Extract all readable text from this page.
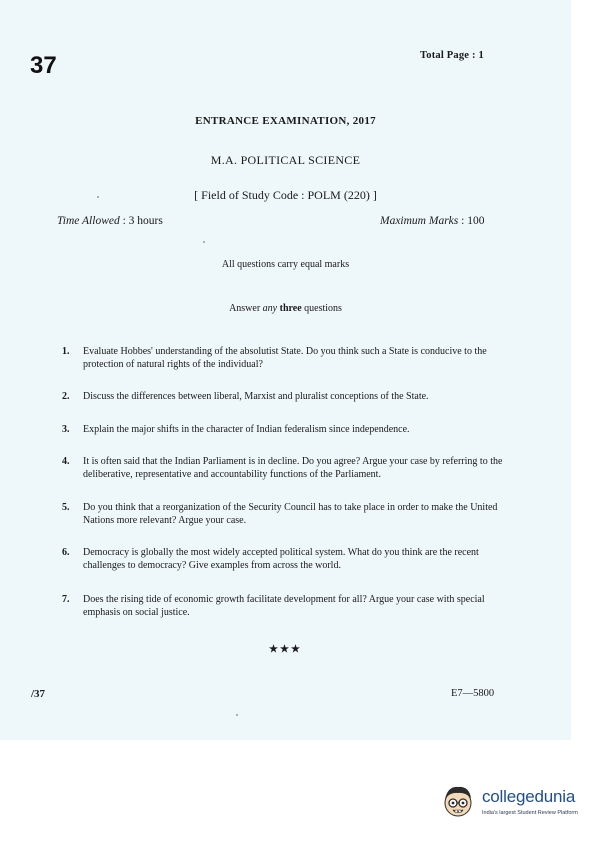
37	Total Page : 1
ENTRANCE EXAMINATION, 2017
M.A. POLITICAL SCIENCE
[ Field of Study Code : POLM (220) ]
Time Allowed : 3 hours	Maximum Marks : 100
All questions carry equal marks
Answer any three questions
1. Evaluate Hobbes' understanding of the absolutist State. Do you think such a State is conducive to the protection of natural rights of the individual?
2. Discuss the differences between liberal, Marxist and pluralist conceptions of the State.
3. Explain the major shifts in the character of Indian federalism since independence.
4. It is often said that the Indian Parliament is in decline. Do you agree? Argue your case by referring to the deliberative, representative and accountability functions of the Parliament.
5. Do you think that a reorganization of the Security Council has to take place in order to make the United Nations more relevant? Argue your case.
6. Democracy is globally the most widely accepted political system. What do you think are the recent challenges to democracy? Give examples from across the world.
7. Does the rising tide of economic growth facilitate development for all? Argue your case with special emphasis on social justice.
★★★
/37	E7—5800
collegedunia
India's largest Student Review Platform
